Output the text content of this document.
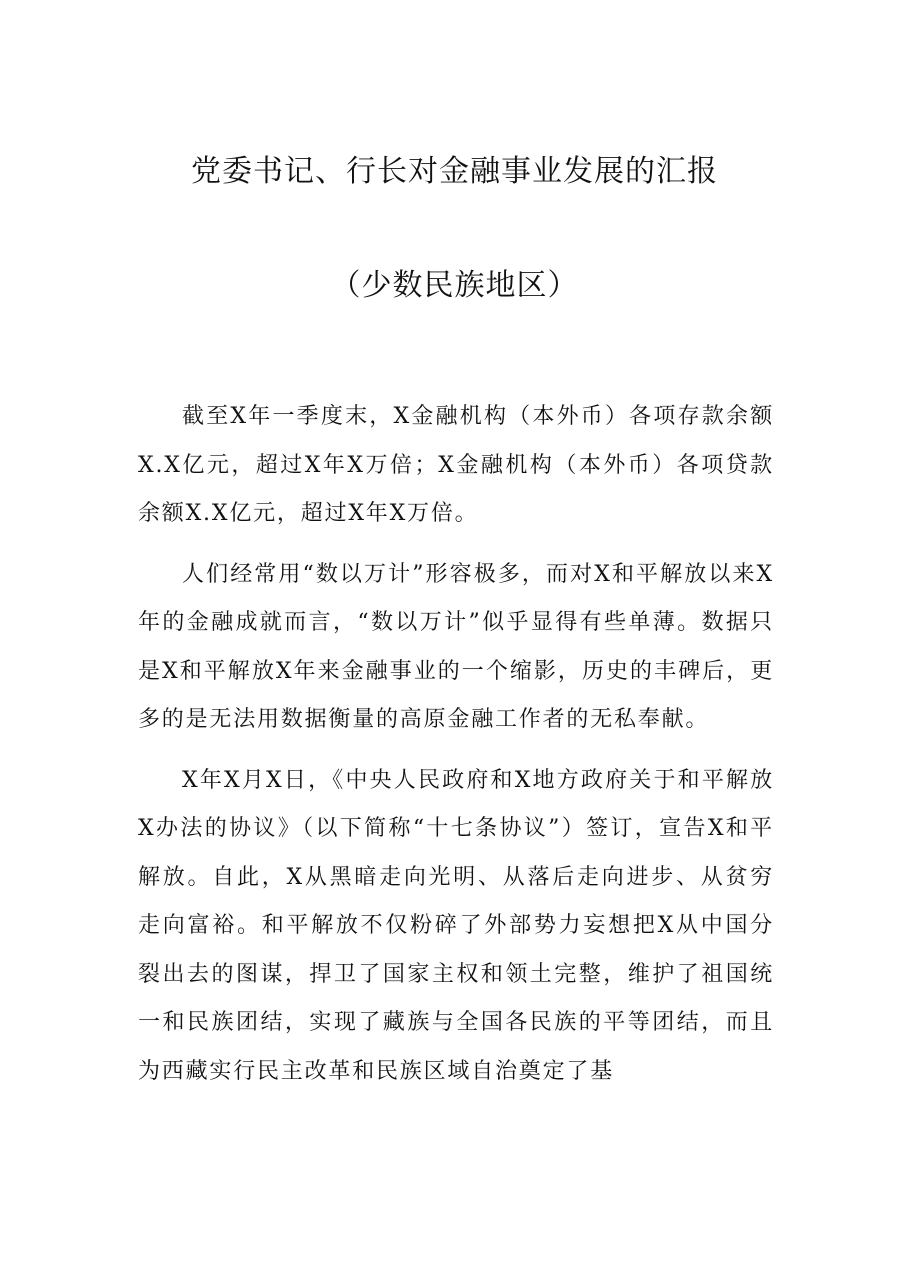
党委书记、行长对金融事业发展的汇报
（少数民族地区）

截至X年一季度末，X金融机构（本外币）各项存款余额X.X亿元，超过X年X万倍；X金融机构（本外币）各项贷款余额X.X亿元，超过X年X万倍。

人们经常用“数以万计”形容极多，而对X和平解放以来X年的金融成就而言，“数以万计”似乎显得有些单薄。数据只是X和平解放X年来金融事业的一个缩影，历史的丰碑后，更多的是无法用数据衡量的高原金融工作者的无私奉献。

X年X月X日，《中央人民政府和X地方政府关于和平解放X办法的协议》（以下简称“十七条协议”）签订，宣告X和平解放。自此，X从黑暗走向光明、从落后走向进步、从贫穷走向富裕。和平解放不仅粉碎了外部势力妄想把X从中国分裂出去的图谋，捍卫了国家主权和领土完整，维护了祖国统一和民族团结，实现了藏族与全国各民族的平等团结，而且为西藏实行民主改革和民族区域自治奠定了基
